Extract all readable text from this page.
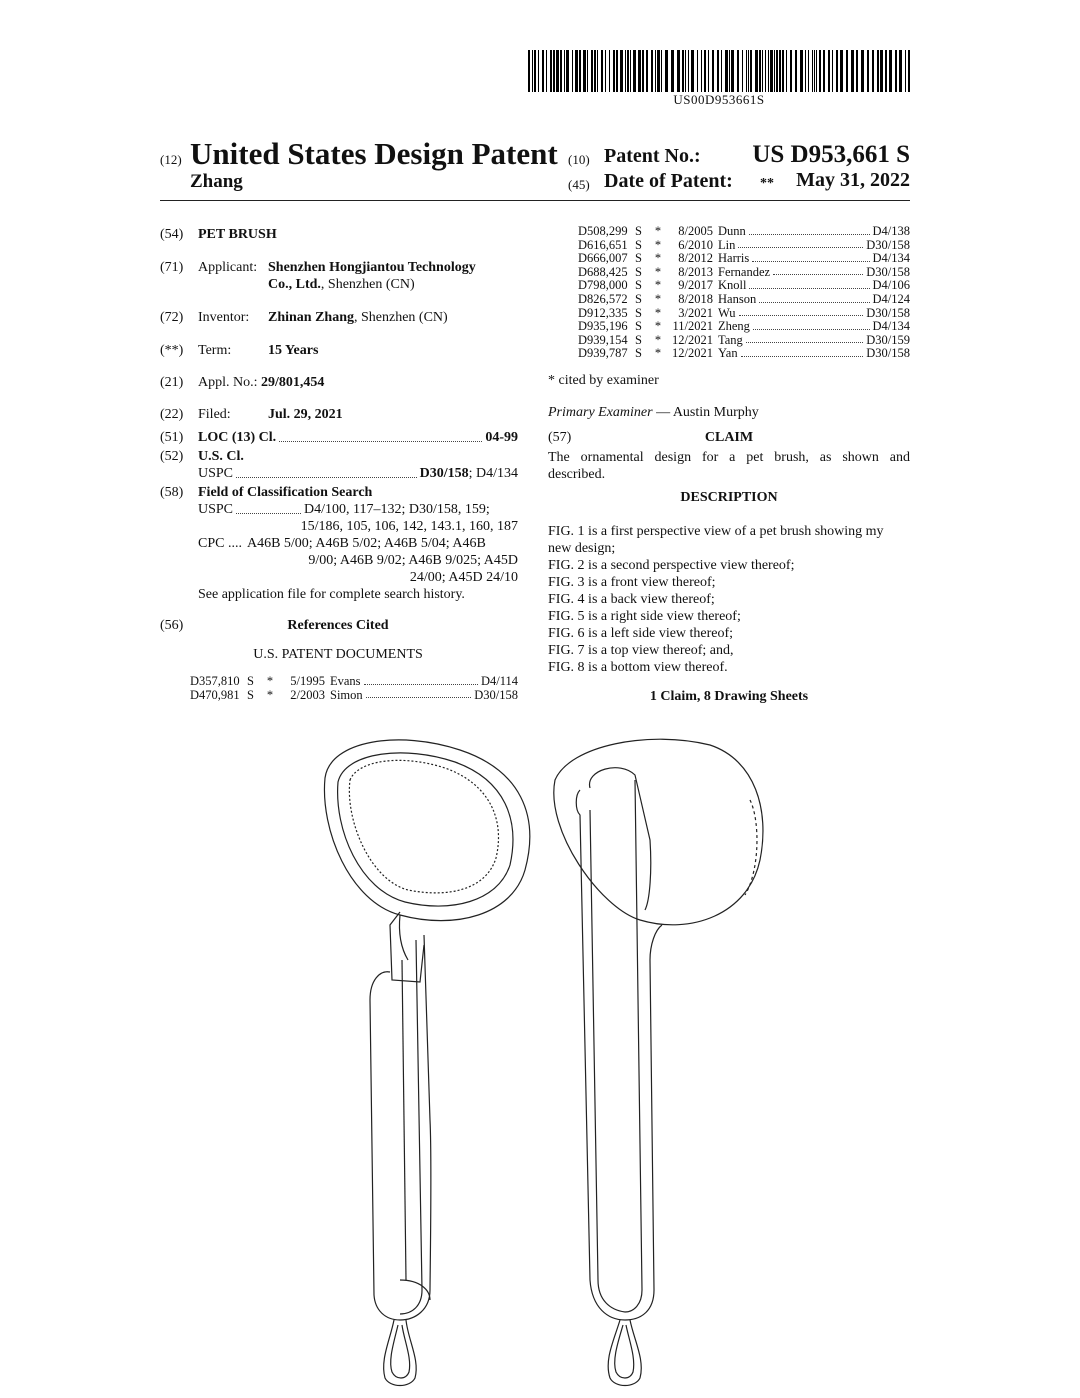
US00D953661S
(12) United States Design Patent
Zhang
(10) Patent No.:	US D953,661 S
(45) Date of Patent: **	May 31, 2022
(54) PET BRUSH
(71) Applicant: Shenzhen Hongjiantou Technology
Co., Ltd., Shenzhen (CN)
(72) Inventor: Zhinan Zhang, Shenzhen (CN)
(**) Term:	15 Years
(21) Appl. No.: 29/801,454
(22) Filed:	Jul. 29, 2021
(51) LOC (13) Cl.	04-99
(52) U.S. Cl.
USPC	D30/158 ; D4/134
(58) Field of Classification Search
USPC	D4/100, 117–132; D30/158, 159;
15/186, 105, 106, 142, 143.1, 160, 187
CPC .... A46B 5/00; A46B 5/02; A46B 5/04; A46B
9/00; A46B 9/02; A46B 9/025; A45D
24/00; A45D 24/10
See application file for complete search history.
(56)	References Cited
U.S. PATENT DOCUMENTS
D357,810 S	*	5/1995 Evans	D4/114
D470,981 S	*	2/2003 Simon	D30/158
D508,299 S	*	8/2005 Dunn	D4/138
D616,651 S	*	6/2010 Lin	D30/158
D666,007 S	*	8/2012 Harris	D4/134
D688,425 S	*	8/2013 Fernandez	D30/158
D798,000 S	*	9/2017 Knoll	D4/106
D826,572 S	*	8/2018 Hanson	D4/124
D912,335 S	*	3/2021 Wu	D30/158
D935,196 S	* 11/2021 Zheng	D4/134
D939,154 S	* 12/2021 Tang	D30/159
D939,787 S	* 12/2021 Yan	D30/158
* cited by examiner
Primary Examiner — Austin Murphy
(57)	CLAIM
The ornamental design for a pet brush, as shown and
described.
DESCRIPTION
FIG. 1 is a first perspective view of a pet brush showing my
new design;
FIG. 2 is a second perspective view thereof;
FIG. 3 is a front view thereof;
FIG. 4 is a back view thereof;
FIG. 5 is a right side view thereof;
FIG. 6 is a left side view thereof;
FIG. 7 is a top view thereof; and,
FIG. 8 is a bottom view thereof.
1 Claim, 8 Drawing Sheets
